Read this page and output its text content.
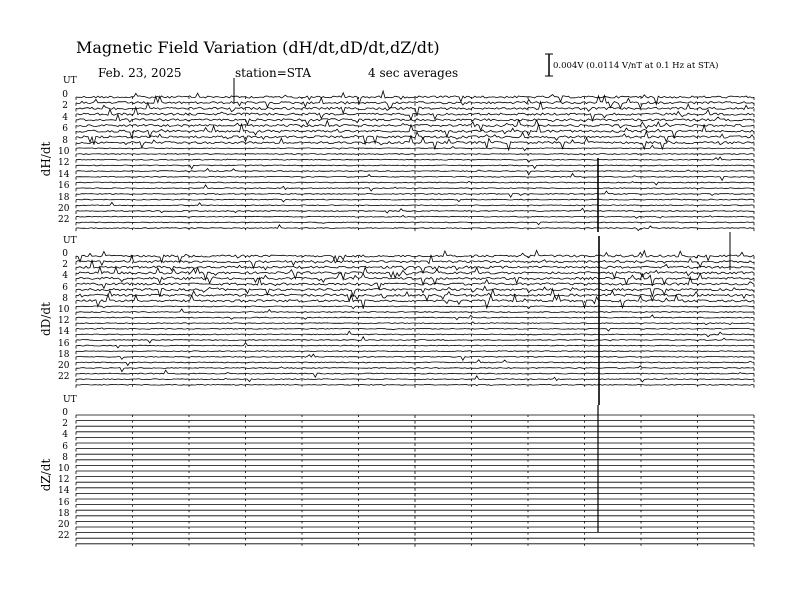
Magnetic Field Variation (dH/dt,dD/dt,dZ/dt)
Feb. 23, 2025	station=STA	4 sec averages	0.004V (0.0114 V/nT at 0.1 Hz at STA)
UT
dH/dt
0
2
4
6
8
10
12
14
16
18
20
22
UT
dD/dt
0
2
4
6
8
10
12
14
16
18
20
22
UT
dZ/dt
0
2
4
6
8
10
12
14
16
18
20
22
